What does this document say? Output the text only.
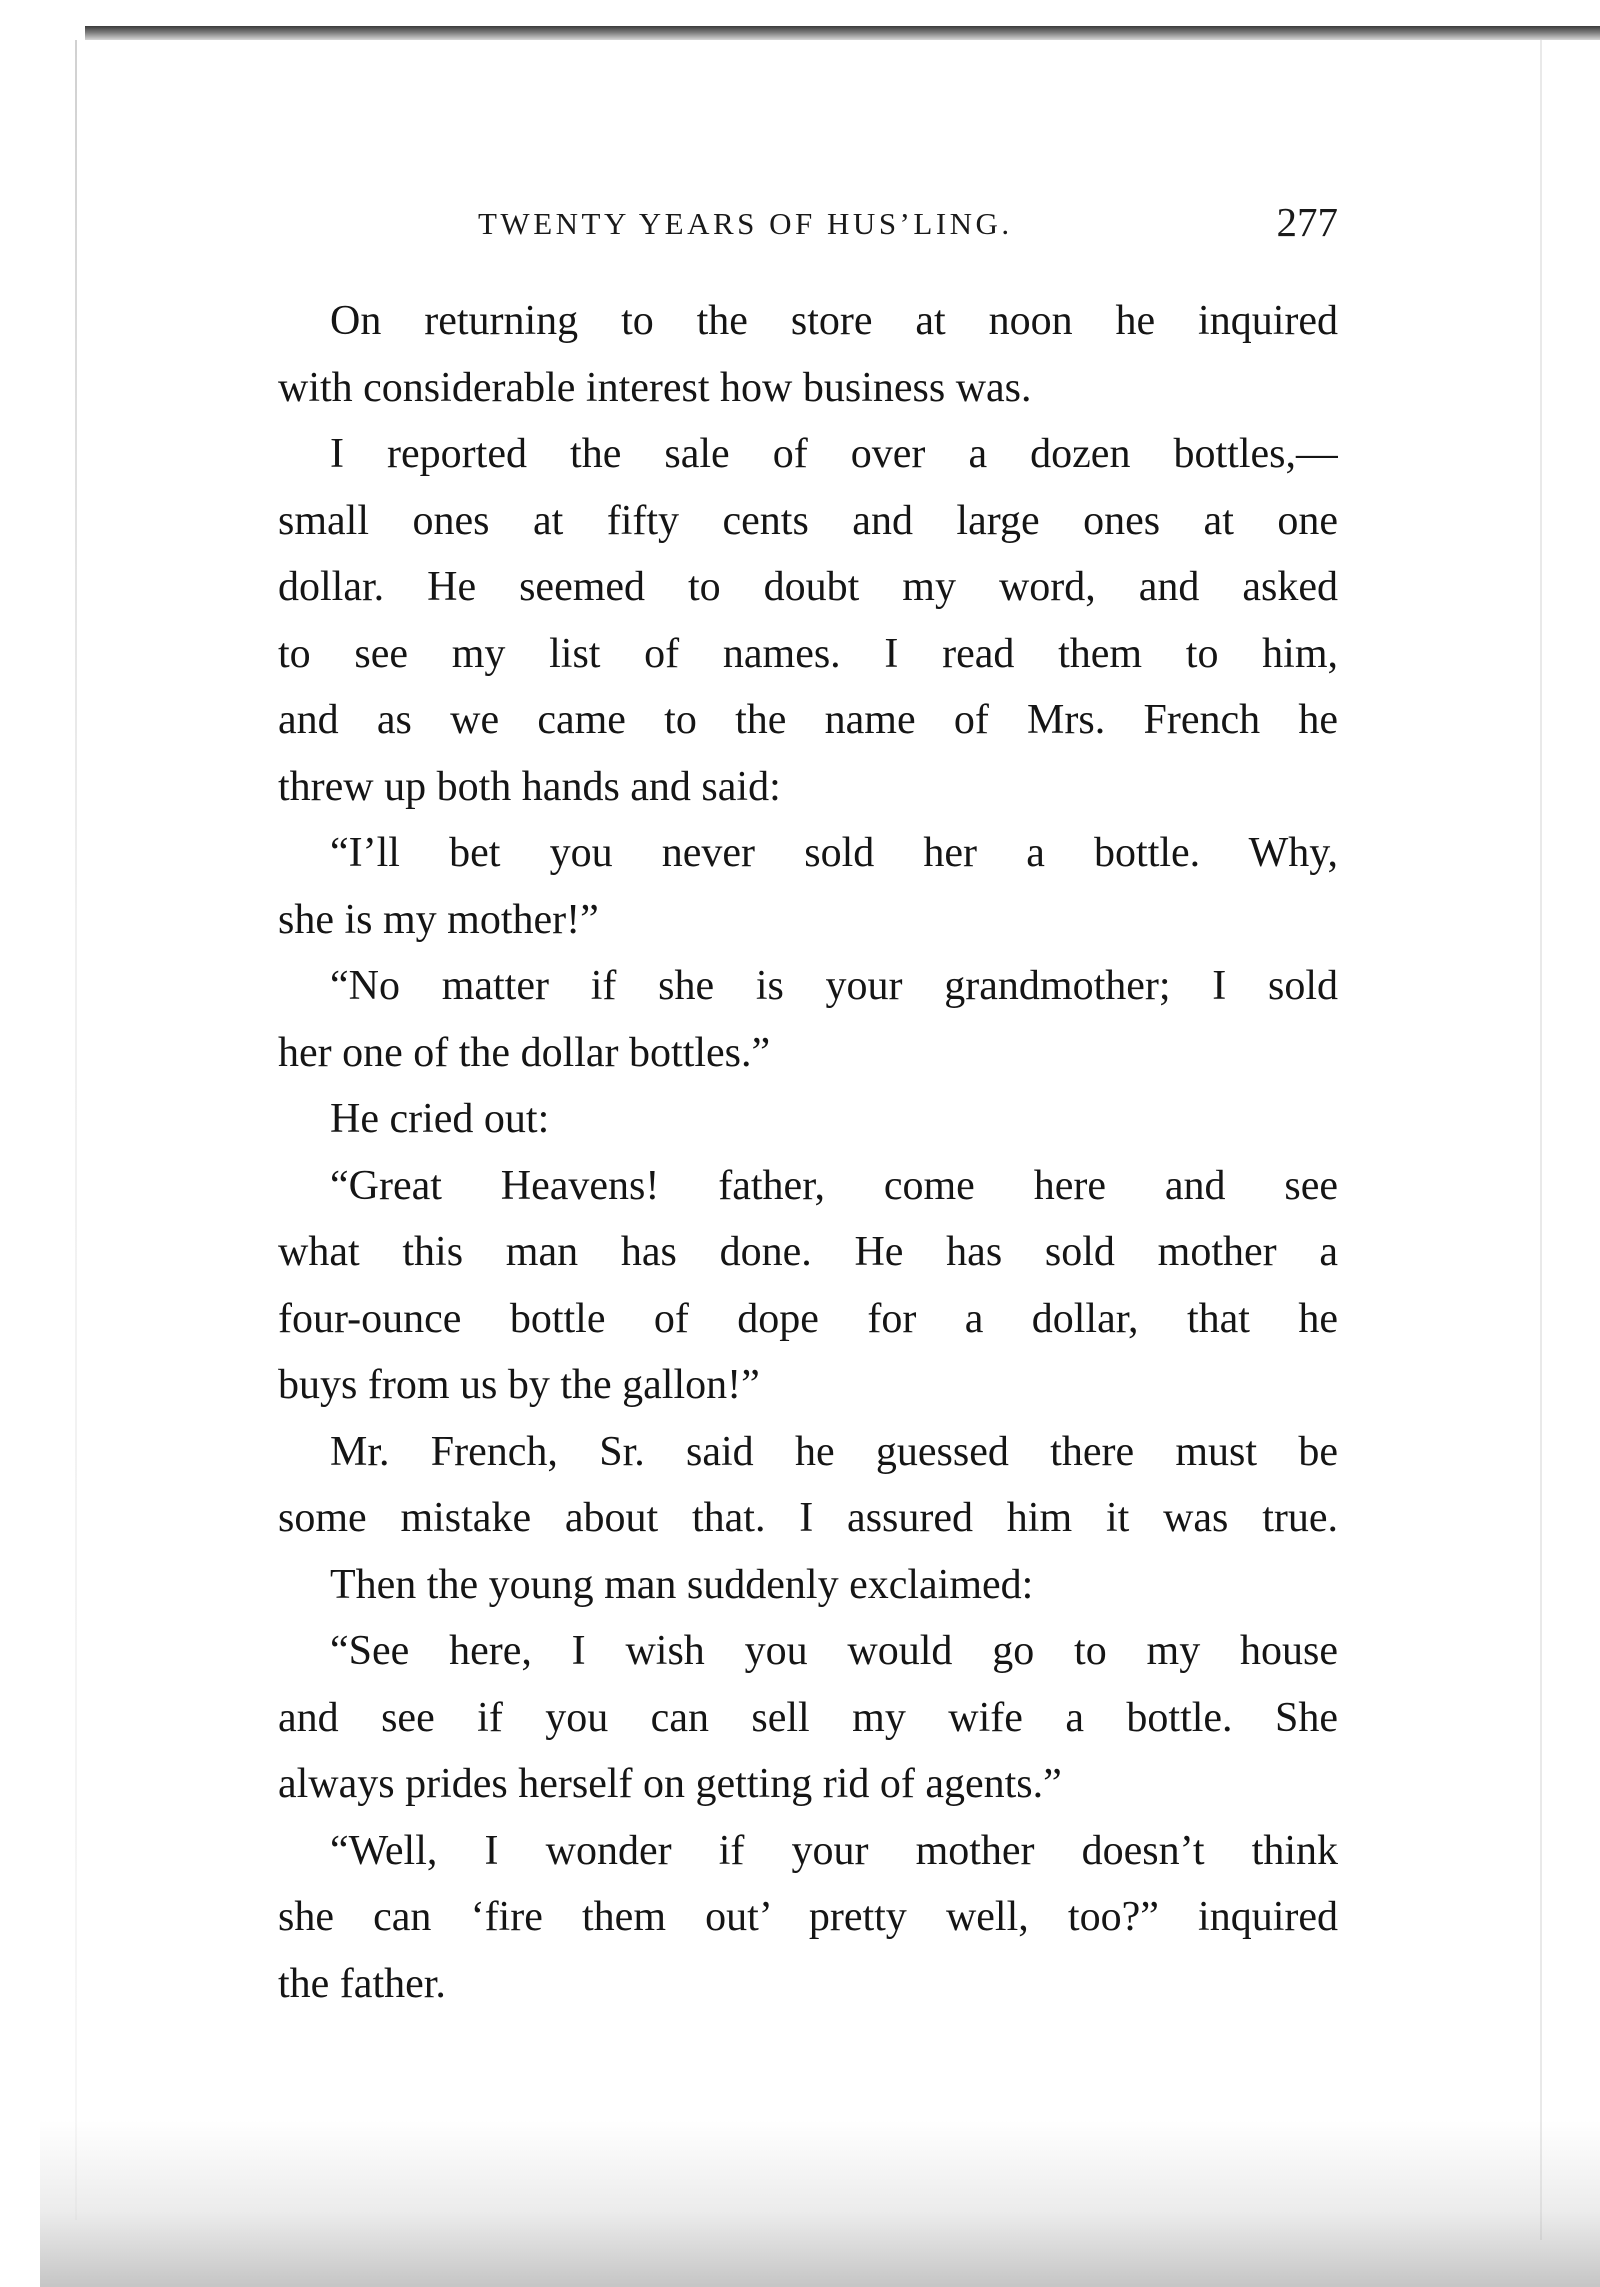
TWENTY YEARS OF HUS’LING.	277
On returning to the store at noon he inquired
with considerable interest how business was.
I reported the sale of over a dozen bottles,—
small ones at fifty cents and large ones at one
dollar. He seemed to doubt my word, and asked
to see my list of names. I read them to him,
and as we came to the name of Mrs. French he
threw up both hands and said:
“I’ll bet you never sold her a bottle. Why,
she is my mother!”
“No matter if she is your grandmother; I sold
her one of the dollar bottles.”
He cried out:
“Great Heavens! father, come here and see
what this man has done. He has sold mother a
four-ounce bottle of dope for a dollar, that he
buys from us by the gallon!”
Mr. French, Sr. said he guessed there must be
some mistake about that. I assured him it was true.
Then the young man suddenly exclaimed:
“See here, I wish you would go to my house
and see if you can sell my wife a bottle. She
always prides herself on getting rid of agents.”
“Well, I wonder if your mother doesn’t think
she can ‘fire them out’ pretty well, too?” inquired
the father.
